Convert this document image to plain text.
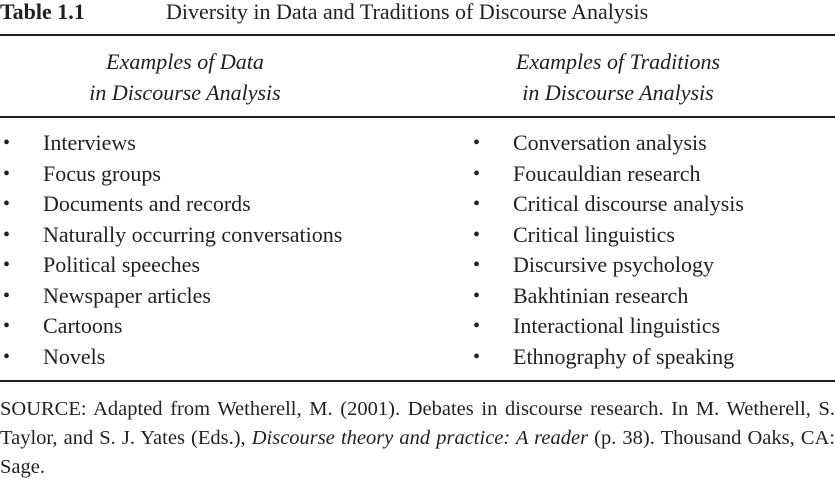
Table 1.1	Diversity in Data and Traditions of Discourse Analysis
Examples of Data
in Discourse Analysis
Examples of Traditions
in Discourse Analysis
• Interviews
• Focus groups
• Documents and records
• Naturally occurring conversations
• Political speeches
• Newspaper articles
• Cartoons
• Novels
• Conversation analysis
• Foucauldian research
• Critical discourse analysis
• Critical linguistics
• Discursive psychology
• Bakhtinian research
• Interactional linguistics
• Ethnography of speaking
SOURCE: Adapted from Wetherell, M. (2001). Debates in discourse research. In M. Wetherell, S. Taylor, and S. J. Yates (Eds.), Discourse theory and practice: A reader (p. 38). Thousand Oaks, CA: Sage.
